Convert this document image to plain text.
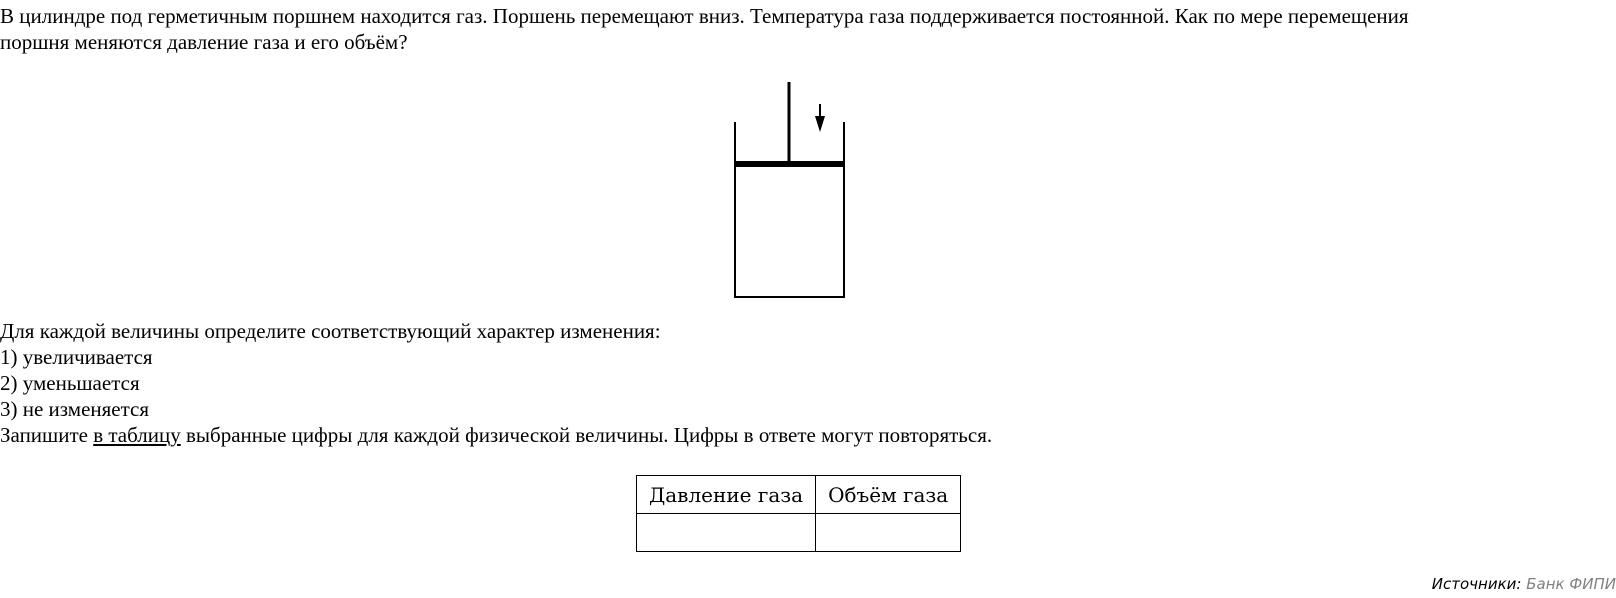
В цилиндре под герметичным поршнем находится газ. Поршень перемещают вниз. Температура газа поддерживается постоянной. Как по мере перемещения
поршня меняются давление газа и его объём?
Для каждой величины определите соответствующий характер изменения:
1) увеличивается
2) уменьшается
3) не изменяется
Запишите в таблицу выбранные цифры для каждой физической величины. Цифры в ответе могут повторяться.
Давление газа	Объём газа

Источники: Банк ФИПИ
